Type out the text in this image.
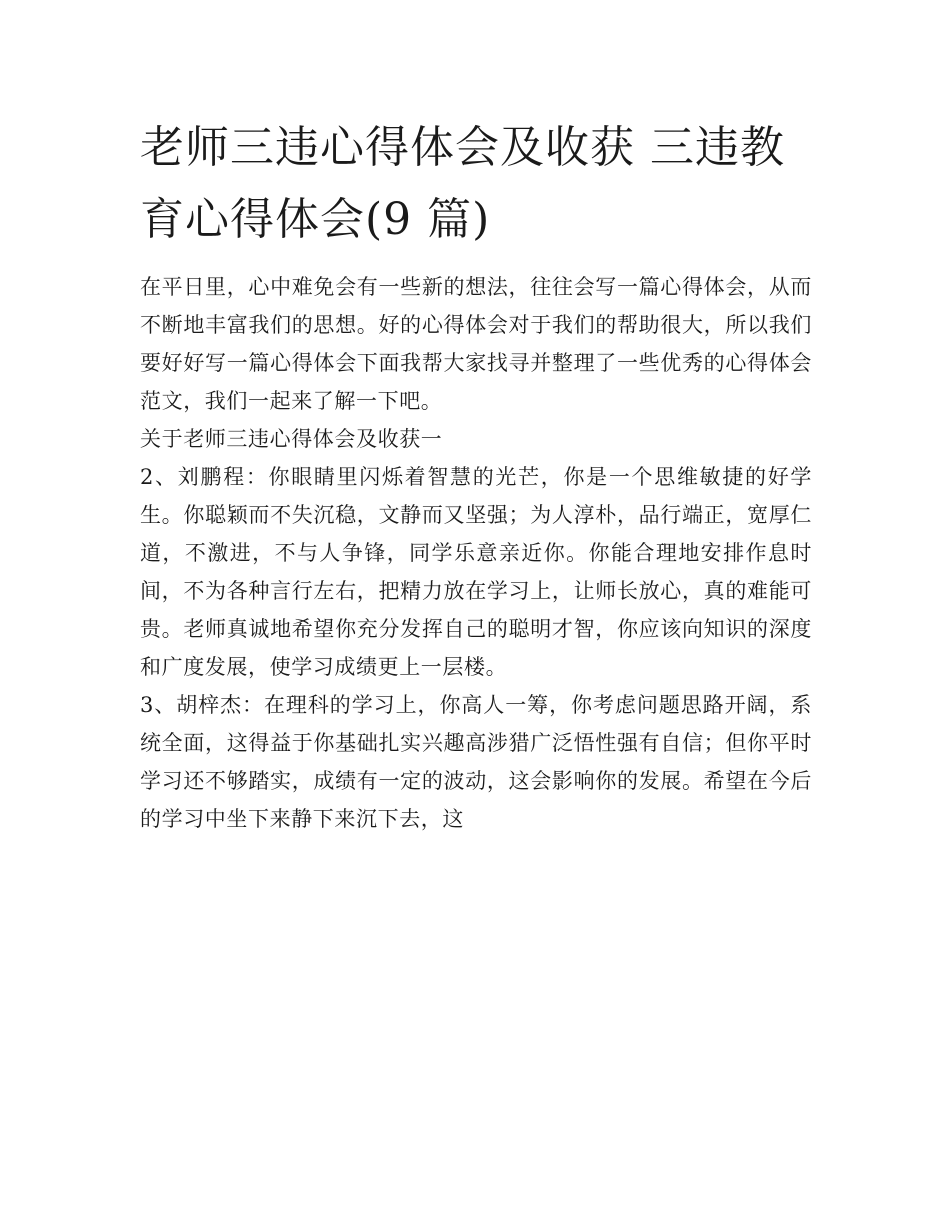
老师三违心得体会及收获 三违教育心得体会(9 篇)

在平日里，心中难免会有一些新的想法，往往会写一篇心得体会，从而不断地丰富我们的思想。好的心得体会对于我们的帮助很大，所以我们要好好写一篇心得体会下面我帮大家找寻并整理了一些优秀的心得体会范文，我们一起来了解一下吧。

关于老师三违心得体会及收获一

2、刘鹏程：你眼睛里闪烁着智慧的光芒，你是一个思维敏捷的好学生。你聪颖而不失沉稳，文静而又坚强；为人淳朴，品行端正，宽厚仁道，不激进，不与人争锋，同学乐意亲近你。你能合理地安排作息时间，不为各种言行左右，把精力放在学习上，让师长放心，真的难能可贵。老师真诚地希望你充分发挥自己的聪明才智，你应该向知识的深度和广度发展，使学习成绩更上一层楼。

3、胡梓杰：在理科的学习上，你高人一筹，你考虑问题思路开阔，系统全面，这得益于你基础扎实兴趣高涉猎广泛悟性强有自信；但你平时学习还不够踏实，成绩有一定的波动，这会影响你的发展。希望在今后的学习中坐下来静下来沉下去，这
